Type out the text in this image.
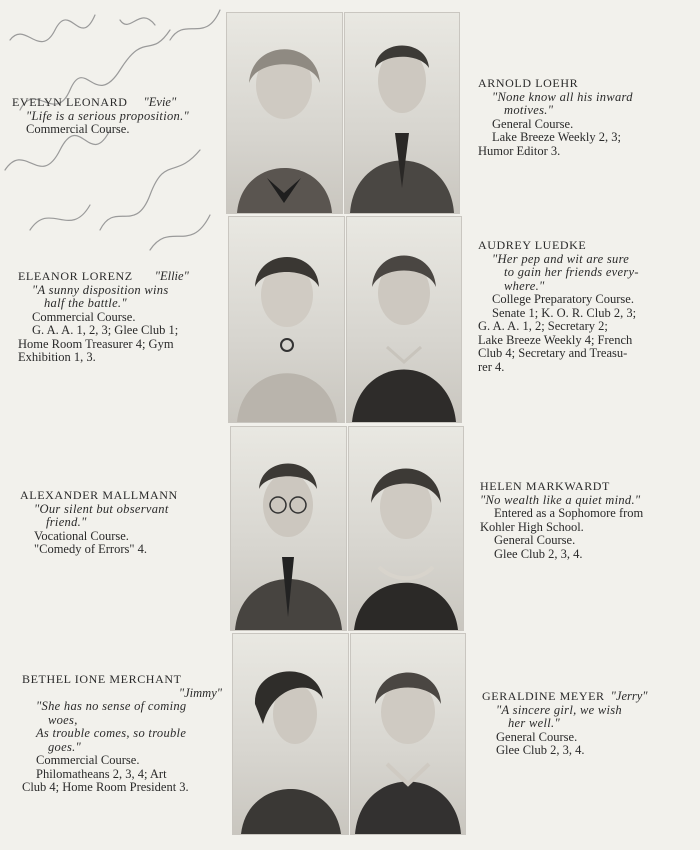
EVELYN LEONARD "Evie"
"Life is a serious proposition."
Commercial Course.
ARNOLD LOEHR
"None know all his inward
motives."
General Course.
Lake Breeze Weekly 2, 3;
Humor Editor 3.
ELEANOR LORENZ "Ellie"
"A sunny disposition wins
half the battle."
Commercial Course.
G. A. A. 1, 2, 3; Glee Club 1;
Home Room Treasurer 4; Gym
Exhibition 1, 3.
AUDREY LUEDKE
"Her pep and wit are sure
to gain her friends every-
where."
College Preparatory Course.
Senate 1; K. O. R. Club 2, 3;
G. A. A. 1, 2; Secretary 2;
Lake Breeze Weekly 4; French
Club 4; Secretary and Treasu-
rer 4.
ALEXANDER MALLMANN
"Our silent but observant
friend."
Vocational Course.
"Comedy of Errors" 4.
HELEN MARKWARDT
"No wealth like a quiet mind."
Entered as a Sophomore from
Kohler High School.
General Course.
Glee Club 2, 3, 4.
BETHEL IONE MERCHANT
"Jimmy"
"She has no sense of coming
woes,
As trouble comes, so trouble
goes."
Commercial Course.
Philomatheans 2, 3, 4; Art
Club 4; Home Room President 3.
GERALDINE MEYER "Jerry"
"A sincere girl, we wish
her well."
General Course.
Glee Club 2, 3, 4.
